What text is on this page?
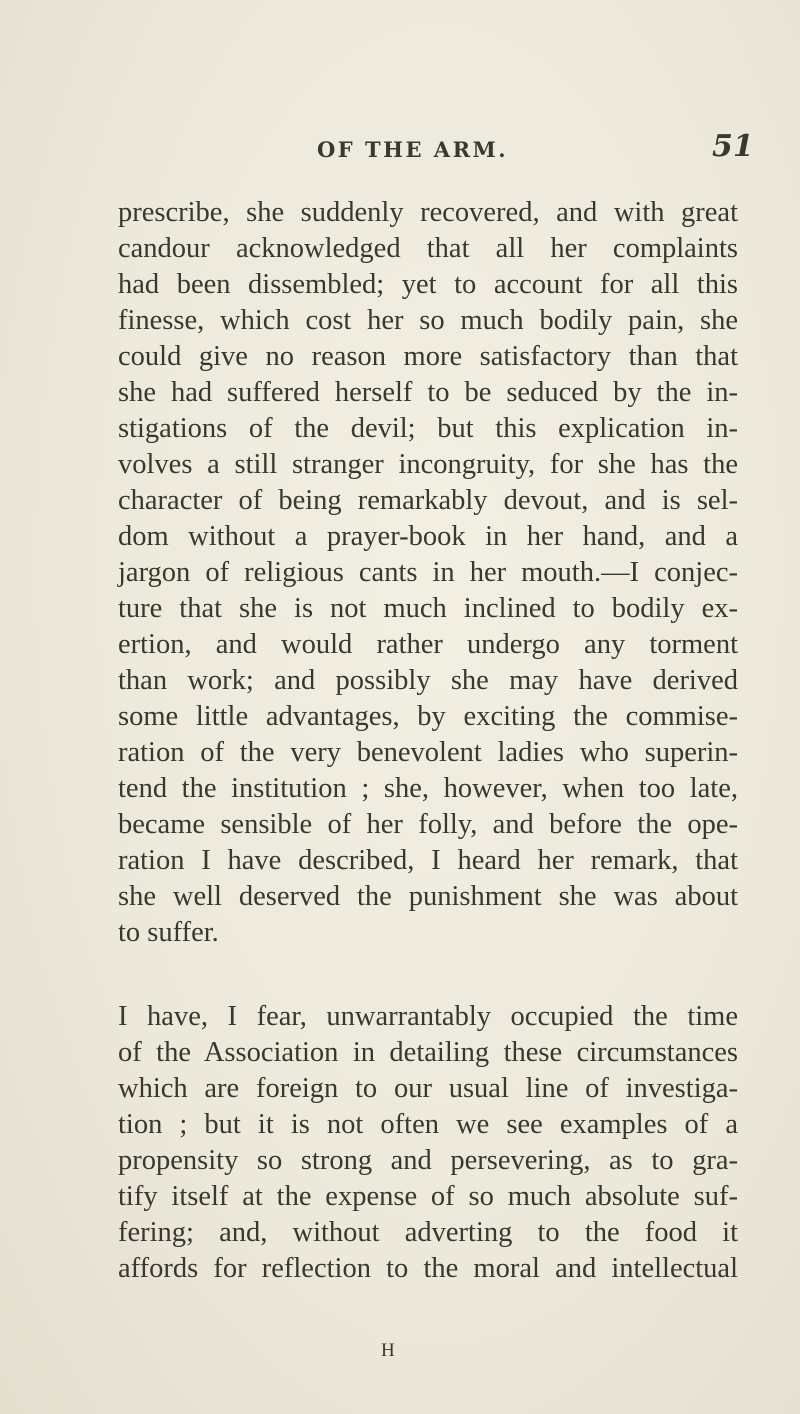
OF THE ARM.	51
prescribe, she suddenly recovered, and with great
candour acknowledged that all her complaints
had been dissembled; yet to account for all this
finesse, which cost her so much bodily pain, she
could give no reason more satisfactory than that
she had suffered herself to be seduced by the in-
stigations of the devil; but this explication in-
volves a still stranger incongruity, for she has the
character of being remarkably devout, and is sel-
dom without a prayer-book in her hand, and a
jargon of religious cants in her mouth.—I conjec-
ture that she is not much inclined to bodily ex-
ertion, and would rather undergo any torment
than work; and possibly she may have derived
some little advantages, by exciting the commise-
ration of the very benevolent ladies who superin-
tend the institution ; she, however, when too late,
became sensible of her folly, and before the ope-
ration I have described, I heard her remark, that
she well deserved the punishment she was about
to suffer.
I have, I fear, unwarrantably occupied the time
of the Association in detailing these circumstances
which are foreign to our usual line of investiga-
tion ; but it is not often we see examples of a
propensity so strong and persevering, as to gra-
tify itself at the expense of so much absolute suf-
fering; and, without adverting to the food it
affords for reflection to the moral and intellectual
H
